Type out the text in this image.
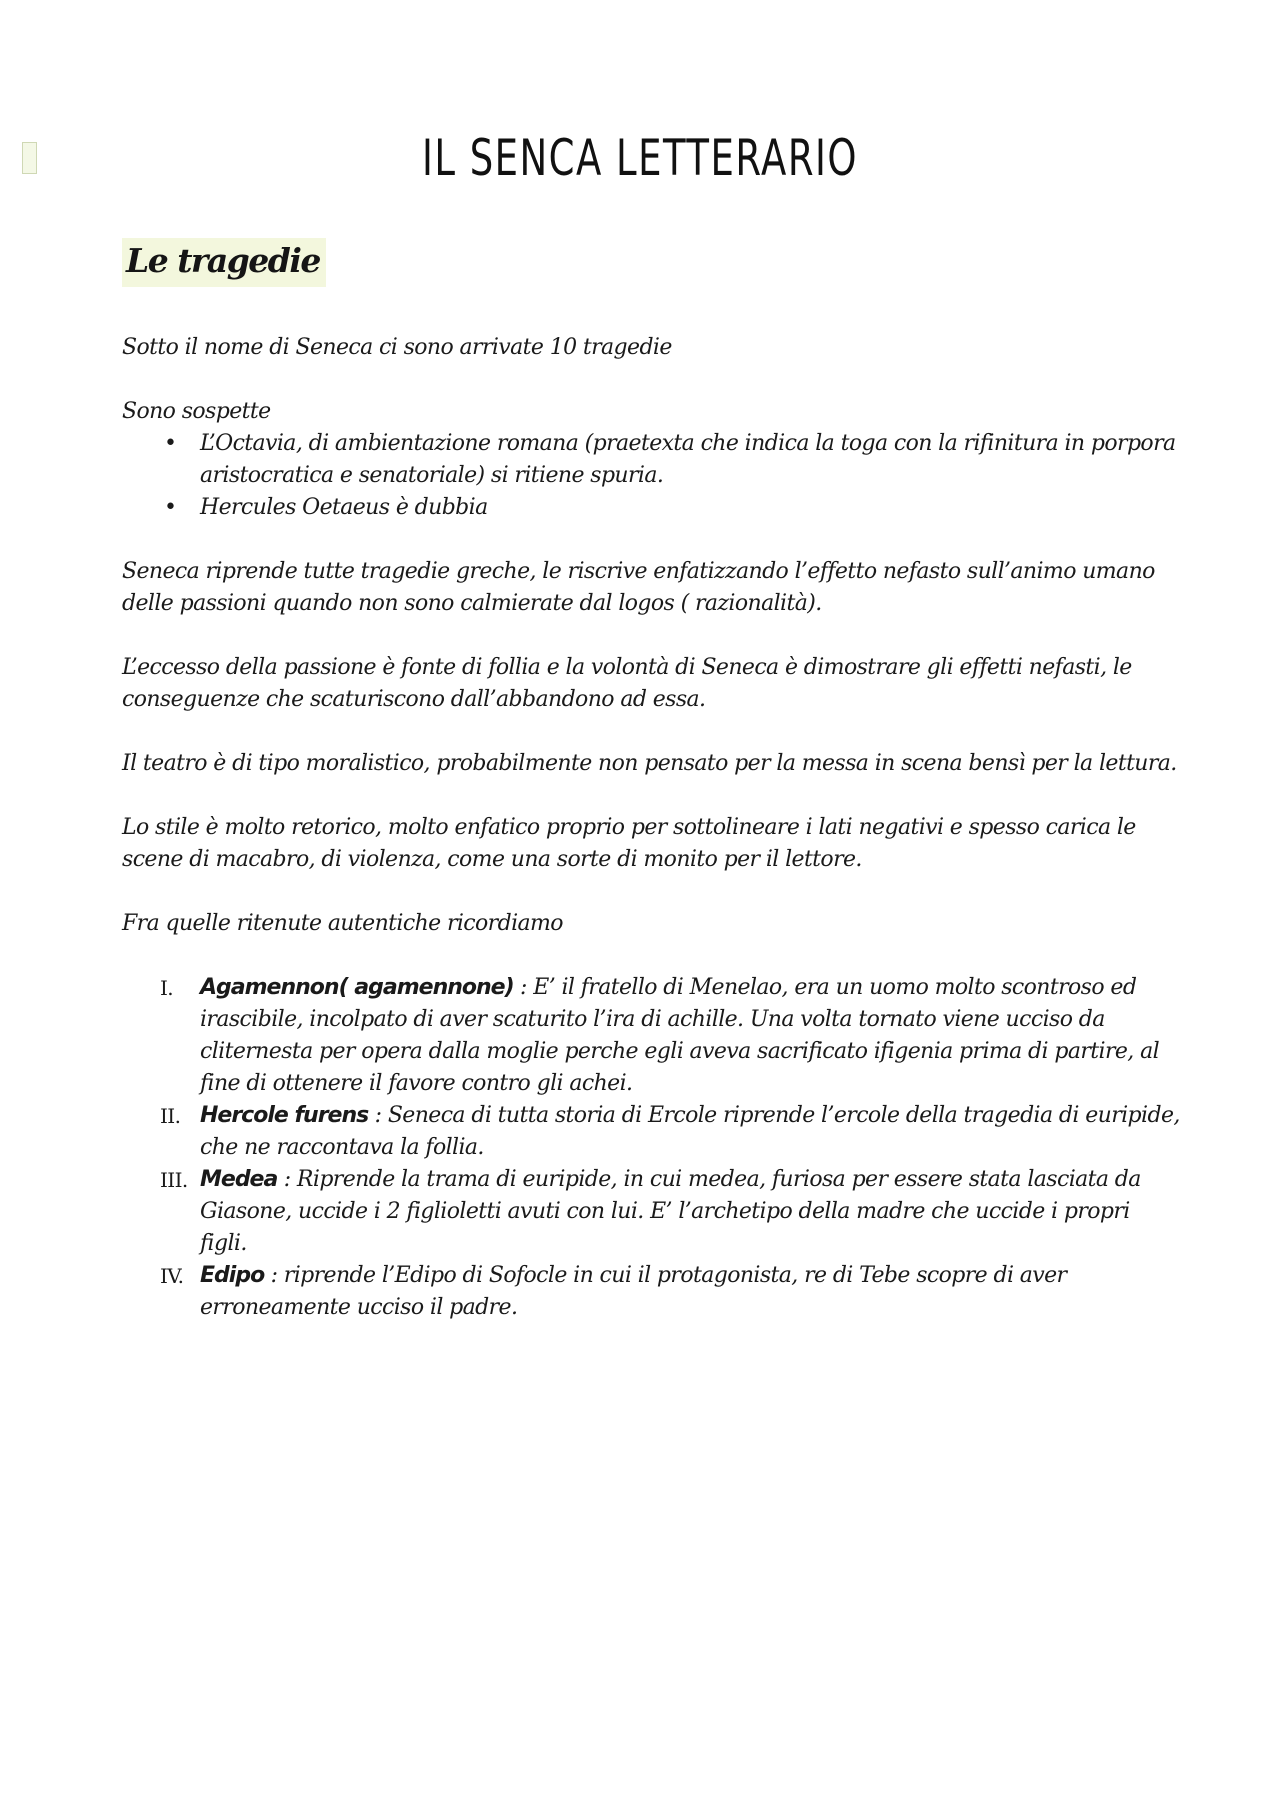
IL SENCA LETTERARIO
Le tragedie

Sotto il nome di Seneca ci sono arrivate 10 tragedie

Sono sospette

• L’Octavia, di ambientazione romana (praetexta che indica la toga con la rifinitura in porpora aristocratica e senatoriale) si ritiene spuria.
• Hercules Oetaeus è dubbia

Seneca riprende tutte tragedie greche, le riscrive enfatizzando l’effetto nefasto sull’animo umano delle passioni quando non sono calmierate dal logos ( razionalità).

L’eccesso della passione è fonte di follia e la volontà di Seneca è dimostrare gli effetti nefasti, le conseguenze che scaturiscono dall’abbandono ad essa.

Il teatro è di tipo moralistico, probabilmente non pensato per la messa in scena bensì per la lettura.

Lo stile è molto retorico, molto enfatico proprio per sottolineare i lati negativi e spesso carica le scene di macabro, di violenza, come una sorte di monito per il lettore.

Fra quelle ritenute autentiche ricordiamo

I. Agamennon( agamennone) : E’ il fratello di Menelao, era un uomo molto scontroso ed irascibile, incolpato di aver scaturito l’ira di achille. Una volta tornato viene ucciso da cliternesta per opera dalla moglie perche egli aveva sacrificato ifigenia prima di partire, al fine di ottenere il favore contro gli achei.
II. Hercole furens : Seneca di tutta storia di Ercole riprende l’ercole della tragedia di euripide, che ne raccontava la follia.
III. Medea : Riprende la trama di euripide, in cui medea, furiosa per essere stata lasciata da Giasone, uccide i 2 figlioletti avuti con lui. E’ l’archetipo della madre che uccide i propri figli.
IV. Edipo : riprende l’Edipo di Sofocle in cui il protagonista, re di Tebe scopre di aver erroneamente ucciso il padre.
